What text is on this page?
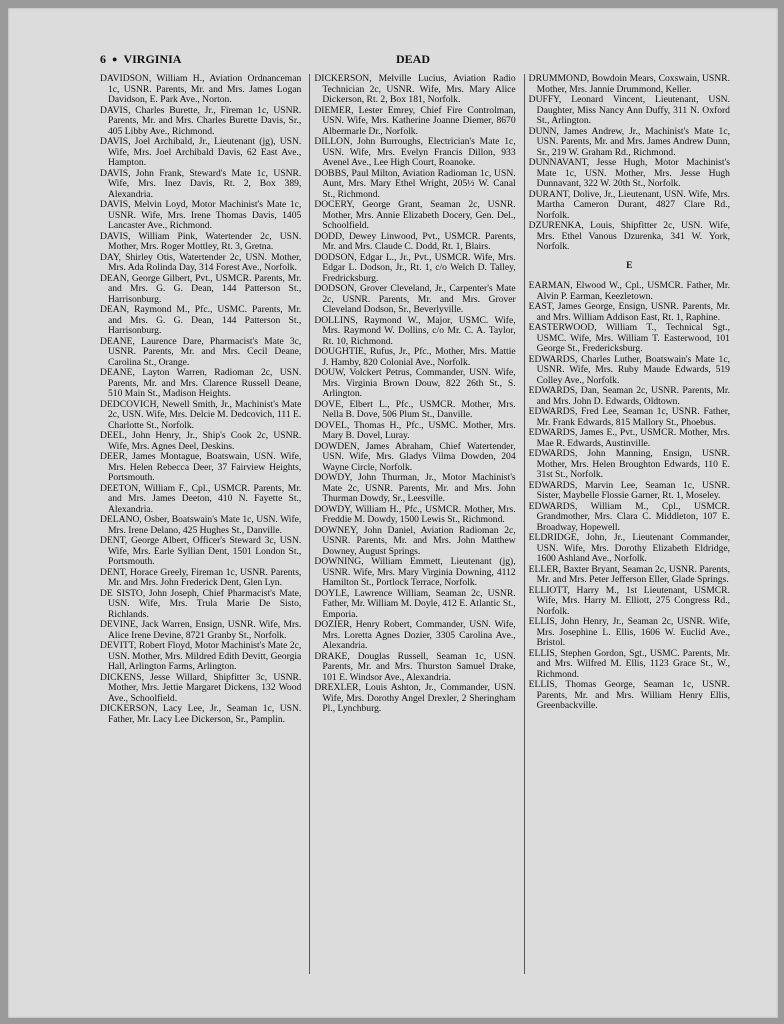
6 ● VIRGINIA	DEAD

DAVIDSON, William H., Aviation Ordnanceman 1c, USNR. Parents, Mr. and Mrs. James Logan Davidson, E. Park Ave., Norton.

DAVIS, Charles Burette, Jr., Fireman 1c, USNR. Parents, Mr. and Mrs. Charles Burette Davis, Sr., 405 Libby Ave., Richmond.

DAVIS, Joel Archibald, Jr., Lieutenant (jg), USN. Wife, Mrs. Joel Archibald Davis, 62 East Ave., Hampton.

DAVIS, John Frank, Steward's Mate 1c, USNR. Wife, Mrs. Inez Davis, Rt. 2, Box 389, Alexandria.

DAVIS, Melvin Loyd, Motor Machinist's Mate 1c, USNR. Wife, Mrs. Irene Thomas Davis, 1405 Lancaster Ave., Richmond.

DAVIS, William Pink, Watertender 2c, USN. Mother, Mrs. Roger Mottley, Rt. 3, Gretna.

DAY, Shirley Otis, Watertender 2c, USN. Mother, Mrs. Ada Rolinda Day, 314 Forest Ave., Norfolk.

DEAN, George Gilbert, Pvt., USMCR. Parents, Mr. and Mrs. G. G. Dean, 144 Patterson St., Harrisonburg.

DEAN, Raymond M., Pfc., USMC. Parents, Mr. and Mrs. G. G. Dean, 144 Patterson St., Harrisonburg.

DEANE, Laurence Dare, Pharmacist's Mate 3c, USNR. Parents, Mr. and Mrs. Cecil Deane, Carolina St., Orange.

DEANE, Layton Warren, Radioman 2c, USN. Parents, Mr. and Mrs. Clarence Russell Deane, 510 Main St., Madison Heights.

DEDCOVICH, Newell Smith, Jr., Machinist's Mate 2c, USN. Wife, Mrs. Delcie M. Dedcovich, 111 E. Charlotte St., Norfolk.

DEEL, John Henry, Jr., Ship's Cook 2c, USNR. Wife, Mrs. Agnes Deel, Deskins.

DEER, James Montague, Boatswain, USN. Wife, Mrs. Helen Rebecca Deer, 37 Fairview Heights, Portsmouth.

DEETON, William F., Cpl., USMCR. Parents, Mr. and Mrs. James Deeton, 410 N. Fayette St., Alexandria.

DELANO, Osber, Boatswain's Mate 1c, USN. Wife, Mrs. Irene Delano, 425 Hughes St., Danville.

DENT, George Albert, Officer's Steward 3c, USN. Wife, Mrs. Earle Syllian Dent, 1501 London St., Portsmouth.

DENT, Horace Greely, Fireman 1c, USNR. Parents, Mr. and Mrs. John Frederick Dent, Glen Lyn.

DE SISTO, John Joseph, Chief Pharmacist's Mate, USN. Wife, Mrs. Trula Marie De Sisto, Richlands.

DEVINE, Jack Warren, Ensign, USNR. Wife, Mrs. Alice Irene Devine, 8721 Granby St., Norfolk.

DEVITT, Robert Floyd, Motor Machinist's Mate 2c, USN. Mother, Mrs. Mildred Edith Devitt, Georgia Hall, Arlington Farms, Arlington.

DICKENS, Jesse Willard, Shipfitter 3c, USNR. Mother, Mrs. Jettie Margaret Dickens, 132 Wood Ave., Schoolfield.

DICKERSON, Lacy Lee, Jr., Seaman 1c, USN. Father, Mr. Lacy Lee Dickerson, Sr., Pamplin.

DICKERSON, Melville Lucius, Aviation Radio Technician 2c, USNR. Wife, Mrs. Mary Alice Dickerson, Rt. 2, Box 181, Norfolk.

DIEMER, Lester Emrey, Chief Fire Controlman, USN. Wife, Mrs. Katherine Joanne Diemer, 8670 Albermarle Dr., Norfolk.

DILLON, John Burroughs, Electrician's Mate 1c, USN. Wife, Mrs. Evelyn Francis Dillon, 933 Avenel Ave., Lee High Court, Roanoke.

DOBBS, Paul Milton, Aviation Radioman 1c, USN. Aunt, Mrs. Mary Ethel Wright, 205½ W. Canal St., Richmond.

DOCERY, George Grant, Seaman 2c, USNR. Mother, Mrs. Annie Elizabeth Docery, Gen. Del., Schoolfield.

DODD, Dewey Linwood, Pvt., USMCR. Parents, Mr. and Mrs. Claude C. Dodd, Rt. 1, Blairs.

DODSON, Edgar L., Jr., Pvt., USMCR. Wife, Mrs. Edgar L. Dodson, Jr., Rt. 1, c/o Welch D. Talley, Fredricksburg.

DODSON, Grover Cleveland, Jr., Carpenter's Mate 2c, USNR. Parents, Mr. and Mrs. Grover Cleveland Dodson, Sr., Beverlyville.

DOLLINS, Raymond W., Major, USMC. Wife, Mrs. Raymond W. Dollins, c/o Mr. C. A. Taylor, Rt. 10, Richmond.

DOUGHTIE, Rufus, Jr., Pfc., Mother, Mrs. Mattie J. Hamby, 820 Colonial Ave., Norfolk.

DOUW, Volckert Petrus, Commander, USN. Wife, Mrs. Virginia Brown Douw, 822 26th St., S. Arlington.

DOVE, Elbert L., Pfc., USMCR. Mother, Mrs. Nella B. Dove, 506 Plum St., Danville.

DOVEL, Thomas H., Pfc., USMC. Mother, Mrs. Mary B. Dovel, Luray.

DOWDEN, James Abraham, Chief Watertender, USN. Wife, Mrs. Gladys Vilma Dowden, 204 Wayne Circle, Norfolk.

DOWDY, John Thurman, Jr., Motor Machinist's Mate 2c, USNR. Parents, Mr. and Mrs. John Thurman Dowdy, Sr., Leesville.

DOWDY, William H., Pfc., USMCR. Mother, Mrs. Freddie M. Dowdy, 1500 Lewis St., Richmond.

DOWNEY, John Daniel, Aviation Radioman 2c, USNR. Parents, Mr. and Mrs. John Matthew Downey, August Springs.

DOWNING, William Emmett, Lieutenant (jg), USNR. Wife, Mrs. Mary Virginia Downing, 4112 Hamilton St., Portlock Terrace, Norfolk.

DOYLE, Lawrence William, Seaman 2c, USNR. Father, Mr. William M. Doyle, 412 E. Atlantic St., Emporia.

DOZIER, Henry Robert, Commander, USN. Wife, Mrs. Loretta Agnes Dozier, 3305 Carolina Ave., Alexandria.

DRAKE, Douglas Russell, Seaman 1c, USN. Parents, Mr. and Mrs. Thurston Samuel Drake, 101 E. Windsor Ave., Alexandria.

DREXLER, Louis Ashton, Jr., Commander, USN. Wife, Mrs. Dorothy Angel Drexler, 2 Sheringham Pl., Lynchburg.

DRUMMOND, Bowdoin Mears, Coxswain, USNR. Mother, Mrs. Jannie Drummond, Keller.

DUFFY, Leonard Vincent, Lieutenant, USN. Daughter, Miss Nancy Ann Duffy, 311 N. Oxford St., Arlington.

DUNN, James Andrew, Jr., Machinist's Mate 1c, USN. Parents, Mr. and Mrs. James Andrew Dunn, Sr., 219 W. Graham Rd., Richmond.

DUNNAVANT, Jesse Hugh, Motor Machinist's Mate 1c, USN. Mother, Mrs. Jesse Hugh Dunnavant, 322 W. 20th St., Norfolk.

DURANT, Dolive, Jr., Lieutenant, USN. Wife, Mrs. Martha Cameron Durant, 4827 Clare Rd., Norfolk.

DZURENKA, Louis, Shipfitter 2c, USN. Wife, Mrs. Ethel Vanous Dzurenka, 341 W. York, Norfolk.

E

EARMAN, Elwood W., Cpl., USMCR. Father, Mr. Alvin P. Earman, Keezletown.

EAST, James George, Ensign, USNR. Parents, Mr. and Mrs. William Addison East, Rt. 1, Raphine.

EASTERWOOD, William T., Technical Sgt., USMC. Wife, Mrs. William T. Easterwood, 101 George St., Fredericksburg.

EDWARDS, Charles Luther, Boatswain's Mate 1c, USNR. Wife, Mrs. Ruby Maude Edwards, 519 Colley Ave., Norfolk.

EDWARDS, Dan, Seaman 2c, USNR. Parents, Mr. and Mrs. John D. Edwards, Oldtown.

EDWARDS, Fred Lee, Seaman 1c, USNR. Father, Mr. Frank Edwards, 815 Mallory St., Phoebus.

EDWARDS, James E., Pvt., USMCR. Mother, Mrs. Mae R. Edwards, Austinville.

EDWARDS, John Manning, Ensign, USNR. Mother, Mrs. Helen Broughton Edwards, 110 E. 31st St., Norfolk.

EDWARDS, Marvin Lee, Seaman 1c, USNR. Sister, Maybelle Flossie Garner, Rt. 1, Moseley.

EDWARDS, William M., Cpl., USMCR. Grandmother, Mrs. Clara C. Middleton, 107 E. Broadway, Hopewell.

ELDRIDGE, John, Jr., Lieutenant Commander, USN. Wife, Mrs. Dorothy Elizabeth Eldridge, 1600 Ashland Ave., Norfolk.

ELLER, Baxter Bryant, Seaman 2c, USNR. Parents, Mr. and Mrs. Peter Jefferson Eller, Glade Springs.

ELLIOTT, Harry M., 1st Lieutenant, USMCR. Wife, Mrs. Harry M. Elliott, 275 Congress Rd., Norfolk.

ELLIS, John Henry, Jr., Seaman 2c, USNR. Wife, Mrs. Josephine L. Ellis, 1606 W. Euclid Ave., Bristol.

ELLIS, Stephen Gordon, Sgt., USMC. Parents, Mr. and Mrs. Wilfred M. Ellis, 1123 Grace St., W., Richmond.

ELLIS, Thomas George, Seaman 1c, USNR. Parents, Mr. and Mrs. William Henry Ellis, Greenbackville.
